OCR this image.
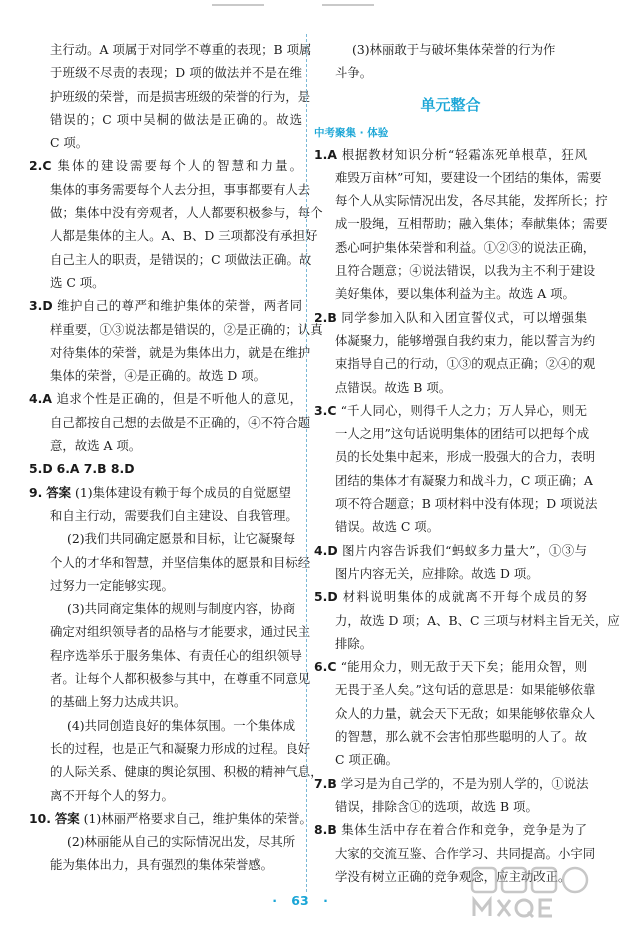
主行动。A 项属于对同学不尊重的表现；B 项属

于班级不尽责的表现；D 项的做法并不是在维

护班级的荣誉，而是损害班级的荣誉的行为，是

错误的；C 项中吴桐的做法是正确的。故选

C 项。

2.C 集体的建设需要每个人的智慧和力量。

集体的事务需要每个人去分担，事事都要有人去

做；集体中没有旁观者，人人都要积极参与，每个

人都是集体的主人。A、B、D 三项都没有承担好

自己主人的职责，是错误的；C 项做法正确。故

选 C 项。

3.D 维护自己的尊严和维护集体的荣誉，两者同

样重要，①③说法都是错误的，②是正确的；认真

对待集体的荣誉，就是为集体出力，就是在维护

集体的荣誉，④是正确的。故选 D 项。

4.A 追求个性是正确的，但是不听他人的意见，

自己都按自己想的去做是不正确的，④不符合题

意，故选 A 项。

5.D 6.A 7.B 8.D

9. 答案 (1)集体建设有赖于每个成员的自觉愿望

和自主行动，需要我们自主建设、自我管理。

(2)我们共同确定愿景和目标，让它凝聚每

个人的才华和智慧，并坚信集体的愿景和目标经

过努力一定能够实现。

(3)共同商定集体的规则与制度内容，协商

确定对组织领导者的品格与才能要求，通过民主

程序选举乐于服务集体、有责任心的组织领导

者。让每个人都积极参与其中，在尊重不同意见

的基础上努力达成共识。

(4)共同创造良好的集体氛围。一个集体成

长的过程，也是正气和凝聚力形成的过程。良好

的人际关系、健康的舆论氛围、积极的精神气息，

离不开每个人的努力。

10. 答案 (1)林丽严格要求自己，维护集体的荣誉。

(2)林丽能从自己的实际情况出发，尽其所

能为集体出力，具有强烈的集体荣誉感。

(3)林丽敢于与破坏集体荣誉的行为作

斗争。

单元整合
中考聚集 · 体验

1.A 根据教材知识分析“轻霜冻死单根草，狂风

难毁万亩林”可知，要建设一个团结的集体，需要

每个人从实际情况出发，各尽其能，发挥所长；拧

成一股绳，互相帮助；融入集体；奉献集体；需要

悉心呵护集体荣誉和利益。①②③的说法正确，

且符合题意；④说法错误，以我为主不利于建设

美好集体，要以集体利益为主。故选 A 项。

2.B 同学参加入队和入团宣誓仪式，可以增强集

体凝聚力，能够增强自我约束力，能以誓言为约

束指导自己的行动，①③的观点正确；②④的观

点错误。故选 B 项。

3.C “千人同心，则得千人之力；万人异心，则无

一人之用”这句话说明集体的团结可以把每个成

员的长处集中起来，形成一股强大的合力，表明

团结的集体才有凝聚力和战斗力，C 项正确；A

项不符合题意；B 项材料中没有体现；D 项说法

错误。故选 C 项。

4.D 图片内容告诉我们“蚂蚁多力量大”，①③与

图片内容无关，应排除。故选 D 项。

5.D 材料说明集体的成就离不开每个成员的努

力，故选 D 项；A、B、C 三项与材料主旨无关，应

排除。

6.C “能用众力，则无敌于天下矣；能用众智，则

无畏于圣人矣。”这句话的意思是：如果能够依靠

众人的力量，就会天下无敌；如果能够依靠众人

的智慧，那么就不会害怕那些聪明的人了。故

C 项正确。

7.B 学习是为自己学的，不是为别人学的，①说法

错误，排除含①的选项，故选 B 项。

8.B 集体生活中存在着合作和竞争，竞争是为了

大家的交流互鉴、合作学习、共同提高。小宇同

学没有树立正确的竞争观念，应主动改正。

· 63 ·
